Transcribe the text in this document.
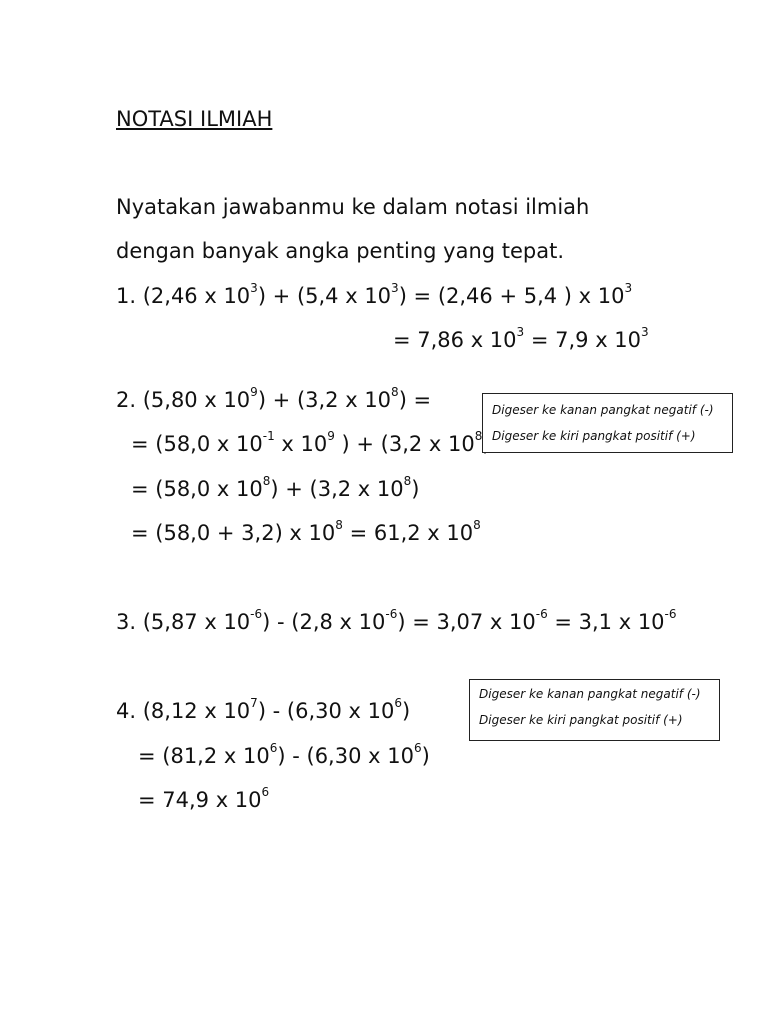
NOTASI ILMIAH
Nyatakan jawabanmu ke dalam notasi ilmiah
dengan banyak angka penting yang tepat.
1. (2,46 x $10^3) + (5,4$ x $10^3) = (2,46 + 5,4$ ) x $10^3$
= 7,86 x $10^3 = 7,9$ x $10^3$
2. (5,80 x $10^9) + (3,2$ x $10^8$) =
= (58,0 x $10^{-1}$ x $10^9$ ) + (3,2 x $10^8$
= (58,0 x $10^8) + (3,2$ x $10^8$)
= (58,0 + 3,2) x $10^8 = 61,2$ x $10^8$
3. (5,87 x $10^{-6}) - (2,8$ x $10^{-6}) = 3,07$ x $10^{-6} = 3,1$ x $10^{-6}$
4. (8,12 x $10^7) - (6,30$ x $10^6$)
= (81,2 x $10^6) - (6,30$ x $10^6$)
= 74,9 x $10^6$
Digeser ke kanan pangkat negatif (-)
Digeser ke kiri pangkat positif (+)
Digeser ke kanan pangkat negatif (-)
Digeser ke kiri pangkat positif (+)
